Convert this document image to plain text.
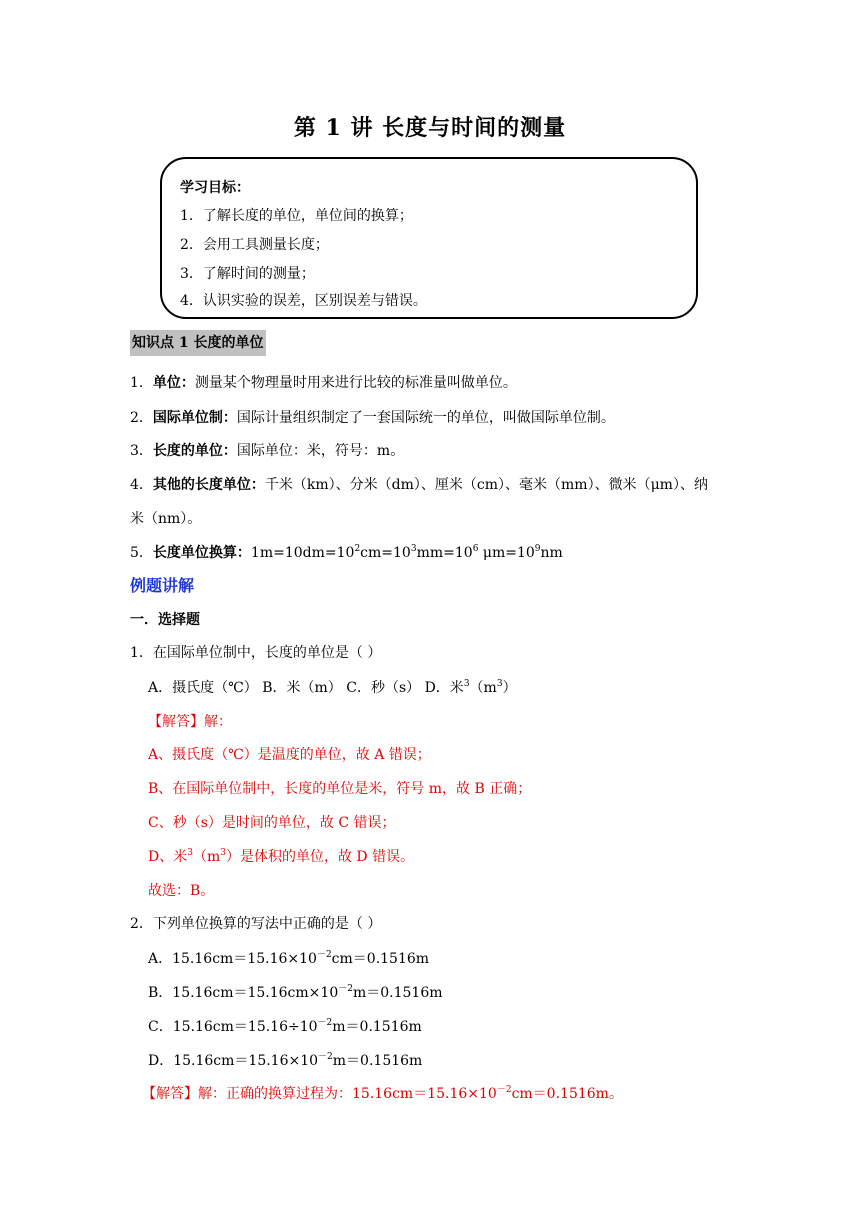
第 1 讲 长度与时间的测量
学习目标：
1．了解长度的单位，单位间的换算；
2．会用工具测量长度；
3．了解时间的测量；
4．认识实验的误差，区别误差与错误。
知识点 1 长度的单位
1．单位：测量某个物理量时用来进行比较的标准量叫做单位。
2．国际单位制：国际计量组织制定了一套国际统一的单位，叫做国际单位制。
3．长度的单位：国际单位：米，符号：m。
4．其他的长度单位：千米（km）、分米（dm）、厘米（cm）、毫米（mm）、微米（μm）、纳
米（nm）。
5．长度单位换算：$1m=10dm=10^2cm=10^3mm=10^6$ $\mu m=10^9nm$
例题讲解
一．选择题
1．在国际单位制中，长度的单位是（ ）
A．摄氏度（℃） B．米（m） C．秒（s） D．米$^3(m^3)$
【解答】解：
A、摄氏度（℃）是温度的单位，故 A 错误；
B、在国际单位制中，长度的单位是米，符号 m，故 B 正确；
C、秒（s）是时间的单位，故 C 错误；
D、米$^3(m^3)$是体积的单位，故 D 错误。
故选：B。
2．下列单位换算的写法中正确的是（ ）
A．$15.16cm=15.16\times 10^{-2}cm=0.1516m$
B．$15.16cm=15.16cm\times 10^{-2}m=0.1516m$
C．$15.16cm=15.16\div 10^{-2}m=0.1516m$
D．$15.16cm=15.16\times 10^{-2}m=0.1516m$
【解答】解：正确的换算过程为：$15.16cm=15.16\times 10^{-2}cm=0.1516m$。
